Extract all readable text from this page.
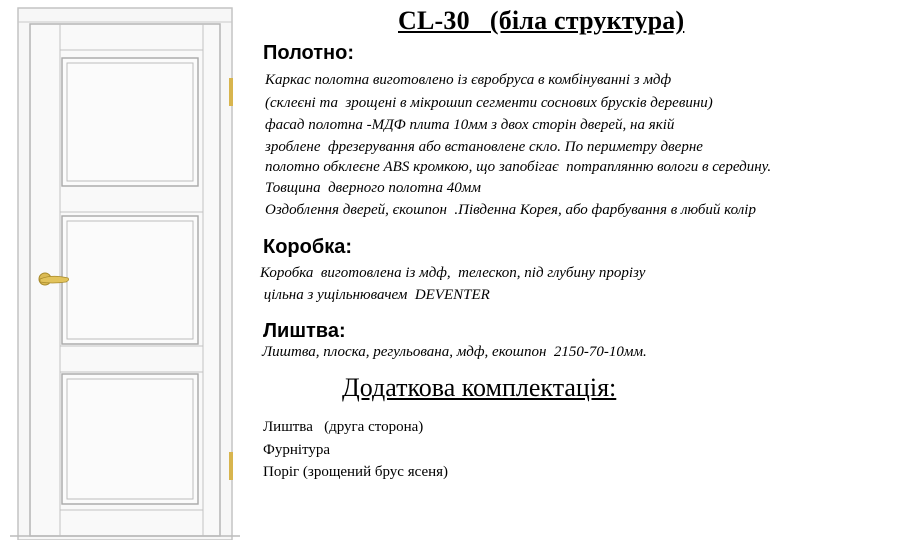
CL-30   (біла структура)
Полотно:
Каркас полотна виготовлено із євробруса в комбінуванні з мдф
(склеєні та  зрощені в мікрошип сегменти соснових брусків деревини)
фасад полотна -МДФ плита 10мм з двох сторін дверей, на якій
зроблене  фрезерування або встановлене скло. По периметру дверне
полотно обклеєне ABS кромкою, що запобігає  потраплянню вологи в середину.
Товщина  дверного полотна 40мм
Оздоблення дверей, єкошпон  .Південна Корея, або фарбування в любий колір
Коробка:
Коробка  виготовлена із мдф,  телескоп, під глубину прорізу
цільна з ущільнювачем  DEVENTER
Лиштва:
Лиштва, плоска, регульована, мдф, екошпон  2150-70-10мм.
Додаткова комплектація:
Лиштва   (друга сторона)
Фурнітура
Поріг (зрощений брус ясеня)
